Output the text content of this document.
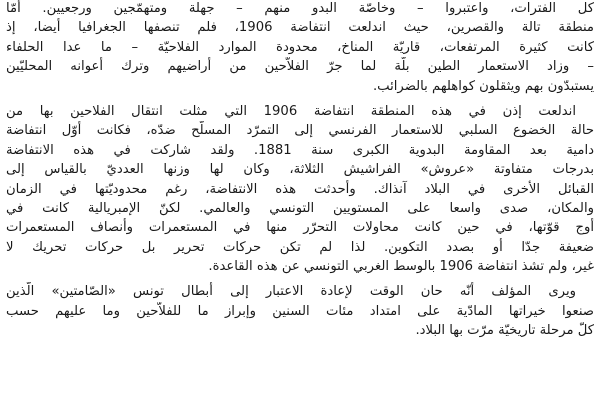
كل الفترات، واعتبروا – وخاصّة البدو منهم – جهلة ومتهمّجين ورجعيين. أمّا
منطقة تالة والقصرين، حيث اندلعت انتفاضة 1906، فلم تنصفها الجغرافيا أيضا، إذ
كانت كثيرة المرتفعات، قاريّة المناخ، محدودة الموارد الفلاحيّة – ما عدا الحلفاء
– وزاد الاستعمار الطين بلّة لما جرّ الفلاّحين من أراضيهم وترك أعوانه المحليّين
يستبدّون بهم ويثقلون كواهلهم بالضرائب.
اندلعت إذن في هذه المنطقة انتفاضة 1906 التي مثلت انتقال الفلاحين بها من
حالة الخضوع السلبي للاستعمار الفرنسي إلى التمرّد المسلّح ضدّه، فكانت أوّل انتفاضة
دامية بعد المقاومة البدوية الكبرى سنة 1881. ولقد شاركت في هذه الانتفاضة
بدرجات متفاوتة «عروش» الفراشيش الثلاثة، وكان لها وزنها العدديّ بالقياس إلى
القبائل الأخرى في البلاد آنذاك. وأحدثت هذه الانتفاضة، رغم محدوديّتها في الزمان
والمكان، صدى واسعا على المستويين التونسي والعالمي. لكنّ الإمبريالية كانت في
أوج قوّتها، في حين كانت محاولات التحرّر منها في المستعمرات وأنصاف المستعمرات
ضعيفة جدّا أو بصدد التكوين. لذا لم تكن حركات تحرير بل حركات تحريك لا
غير، ولم تشذ انتفاضة 1906 بالوسط الغربي التونسي عن هذه القاعدة.
ويرى المؤلف أنّه حان الوقت لإعادة الاعتبار إلى أبطال تونس «الصّامتين» الّذين
صنعوا خيراتها المادّية على امتداد مئات السنين وإبراز ما للفلاّحين وما عليهم حسب
كلّ مرحلة تاريخيّة مرّت بها البلاد.
